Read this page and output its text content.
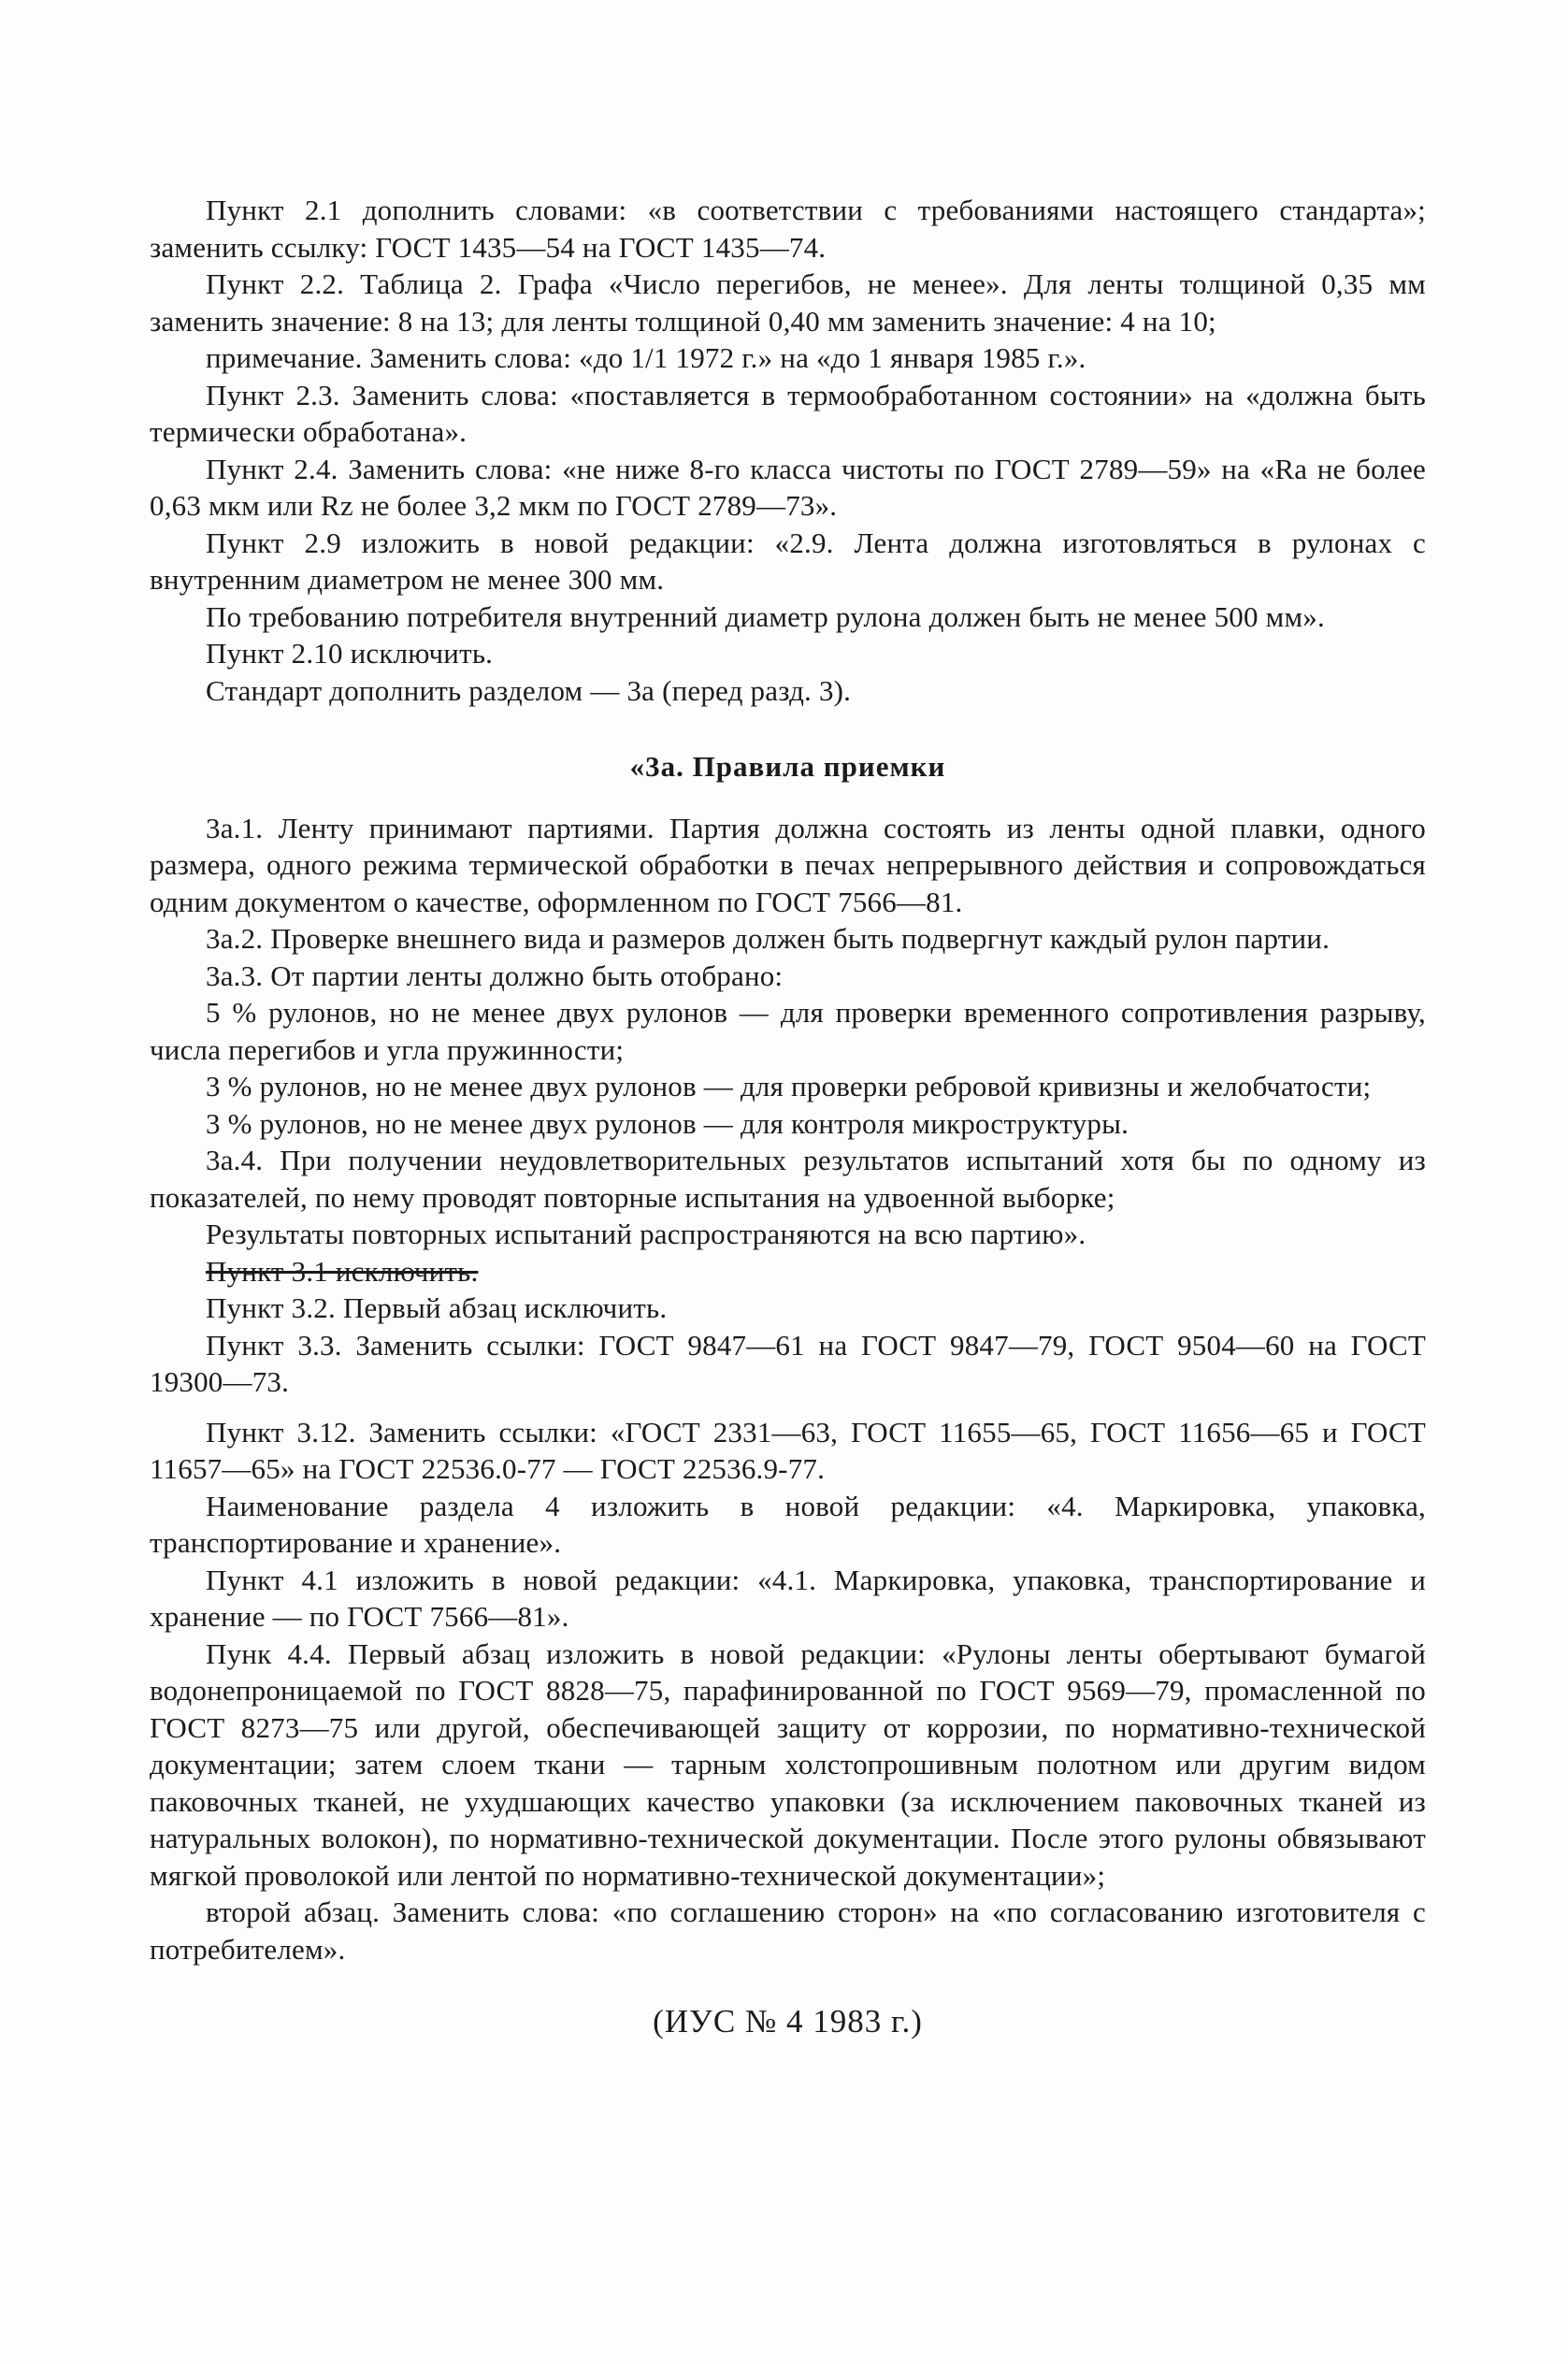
Пункт 2.1 дополнить словами: «в соответствии с требованиями настоящего стандарта»; заменить ссылку: ГОСТ 1435—54 на ГОСТ 1435—74.

Пункт 2.2. Таблица 2. Графа «Число перегибов, не менее». Для ленты толщиной 0,35 мм заменить значение: 8 на 13; для ленты толщиной 0,40 мм заменить значение: 4 на 10;

примечание. Заменить слова: «до 1/1 1972 г.» на «до 1 января 1985 г.».

Пункт 2.3. Заменить слова: «поставляется в термообработанном состоянии» на «должна быть термически обработана».

Пункт 2.4. Заменить слова: «не ниже 8-го класса чистоты по ГОСТ 2789—59» на «Ra не более 0,63 мкм или Rz не более 3,2 мкм по ГОСТ 2789—73».

Пункт 2.9 изложить в новой редакции: «2.9. Лента должна изготовляться в рулонах с внутренним диаметром не менее 300 мм.

По требованию потребителя внутренний диаметр рулона должен быть не менее 500 мм».

Пункт 2.10 исключить.

Стандарт дополнить разделом — 3а (перед разд. 3).

«3а. Правила приемки

3а.1. Ленту принимают партиями. Партия должна состоять из ленты одной плавки, одного размера, одного режима термической обработки в печах непрерывного действия и сопровождаться одним документом о качестве, оформленном по ГОСТ 7566—81.

3а.2. Проверке внешнего вида и размеров должен быть подвергнут каждый рулон партии.

3а.3. От партии ленты должно быть отобрано:

5 % рулонов, но не менее двух рулонов — для проверки временного сопротивления разрыву, числа перегибов и угла пружинности;

3 % рулонов, но не менее двух рулонов — для проверки ребровой кривизны и желобчатости;

3 % рулонов, но не менее двух рулонов — для контроля микроструктуры.

3а.4. При получении неудовлетворительных результатов испытаний хотя бы по одному из показателей, по нему проводят повторные испытания на удвоенной выборке;

Результаты повторных испытаний распространяются на всю партию».

Пункт 3.1 исключить.

Пункт 3.2. Первый абзац исключить.

Пункт 3.3. Заменить ссылки: ГОСТ 9847—61 на ГОСТ 9847—79, ГОСТ 9504—60 на ГОСТ 19300—73.

Пункт 3.12. Заменить ссылки: «ГОСТ 2331—63, ГОСТ 11655—65, ГОСТ 11656—65 и ГОСТ 11657—65» на ГОСТ 22536.0-77 — ГОСТ 22536.9-77.

Наименование раздела 4 изложить в новой редакции: «4. Маркировка, упаковка, транспортирование и хранение».

Пункт 4.1 изложить в новой редакции: «4.1. Маркировка, упаковка, транспортирование и хранение — по ГОСТ 7566—81».

Пунк 4.4. Первый абзац изложить в новой редакции: «Рулоны ленты обертывают бумагой водонепроницаемой по ГОСТ 8828—75, парафинированной по ГОСТ 9569—79, промасленной по ГОСТ 8273—75 или другой, обеспечивающей защиту от коррозии, по нормативно-технической документации; затем слоем ткани — тарным холстопрошивным полотном или другим видом паковочных тканей, не ухудшающих качество упаковки (за исключением паковочных тканей из натуральных волокон), по нормативно-технической документации. После этого рулоны обвязывают мягкой проволокой или лентой по нормативно-технической документации»;

второй абзац. Заменить слова: «по соглашению сторон» на «по согласованию изготовителя с потребителем».

(ИУС № 4 1983 г.)
